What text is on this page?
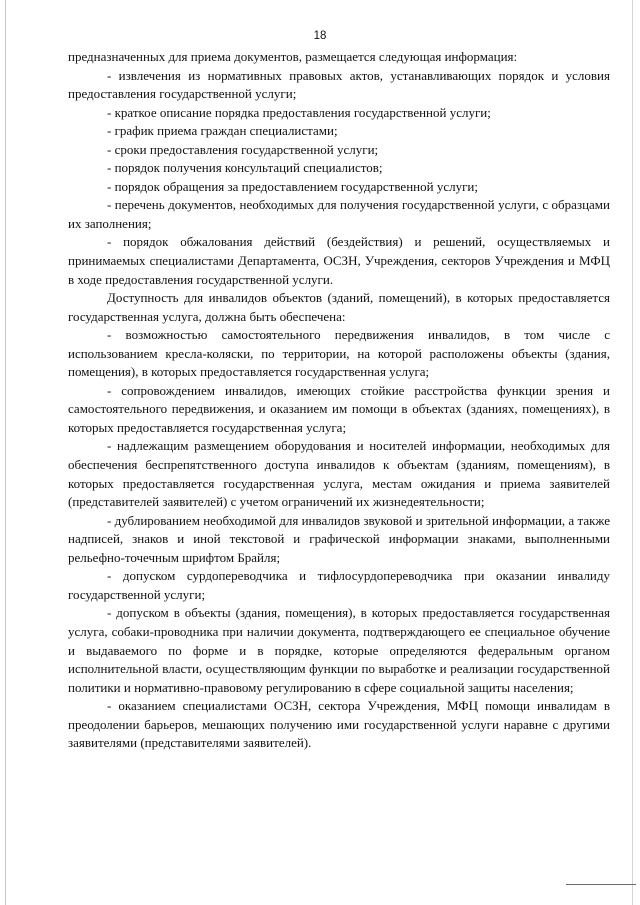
18

предназначенных для приема документов, размещается следующая информация:

- извлечения из нормативных правовых актов, устанавливающих порядок и условия предоставления государственной услуги;

- краткое описание порядка предоставления государственной услуги;

- график приема граждан специалистами;

- сроки предоставления государственной услуги;

- порядок получения консультаций специалистов;

- порядок обращения за предоставлением государственной услуги;

- перечень документов, необходимых для получения государственной услуги, с образцами их заполнения;

- порядок обжалования действий (бездействия) и решений, осуществляемых и принимаемых специалистами Департамента, ОСЗН, Учреждения, секторов Учреждения и МФЦ в ходе предоставления государственной услуги.

Доступность для инвалидов объектов (зданий, помещений), в которых предоставляется государственная услуга, должна быть обеспечена:

- возможностью самостоятельного передвижения инвалидов, в том числе с использованием кресла-коляски, по территории, на которой расположены объекты (здания, помещения), в которых предоставляется государственная услуга;

- сопровождением инвалидов, имеющих стойкие расстройства функции зрения и самостоятельного передвижения, и оказанием им помощи в объектах (зданиях, помещениях), в которых предоставляется государственная услуга;

- надлежащим размещением оборудования и носителей информации, необходимых для обеспечения беспрепятственного доступа инвалидов к объектам (зданиям, помещениям), в которых предоставляется государственная услуга, местам ожидания и приема заявителей (представителей заявителей) с учетом ограничений их жизнедеятельности;

- дублированием необходимой для инвалидов звуковой и зрительной информации, а также надписей, знаков и иной текстовой и графической информации знаками, выполненными рельефно-точечным шрифтом Брайля;

- допуском сурдопереводчика и тифлосурдопереводчика при оказании инвалиду государственной услуги;

- допуском в объекты (здания, помещения), в которых предоставляется государственная услуга, собаки-проводника при наличии документа, подтверждающего ее специальное обучение и выдаваемого по форме и в порядке, которые определяются федеральным органом исполнительной власти, осуществляющим функции по выработке и реализации государственной политики и нормативно-правовому регулированию в сфере социальной защиты населения;

- оказанием специалистами ОСЗН, сектора Учреждения, МФЦ помощи инвалидам в преодолении барьеров, мешающих получению ими государственной услуги наравне с другими заявителями (представителями заявителей).
